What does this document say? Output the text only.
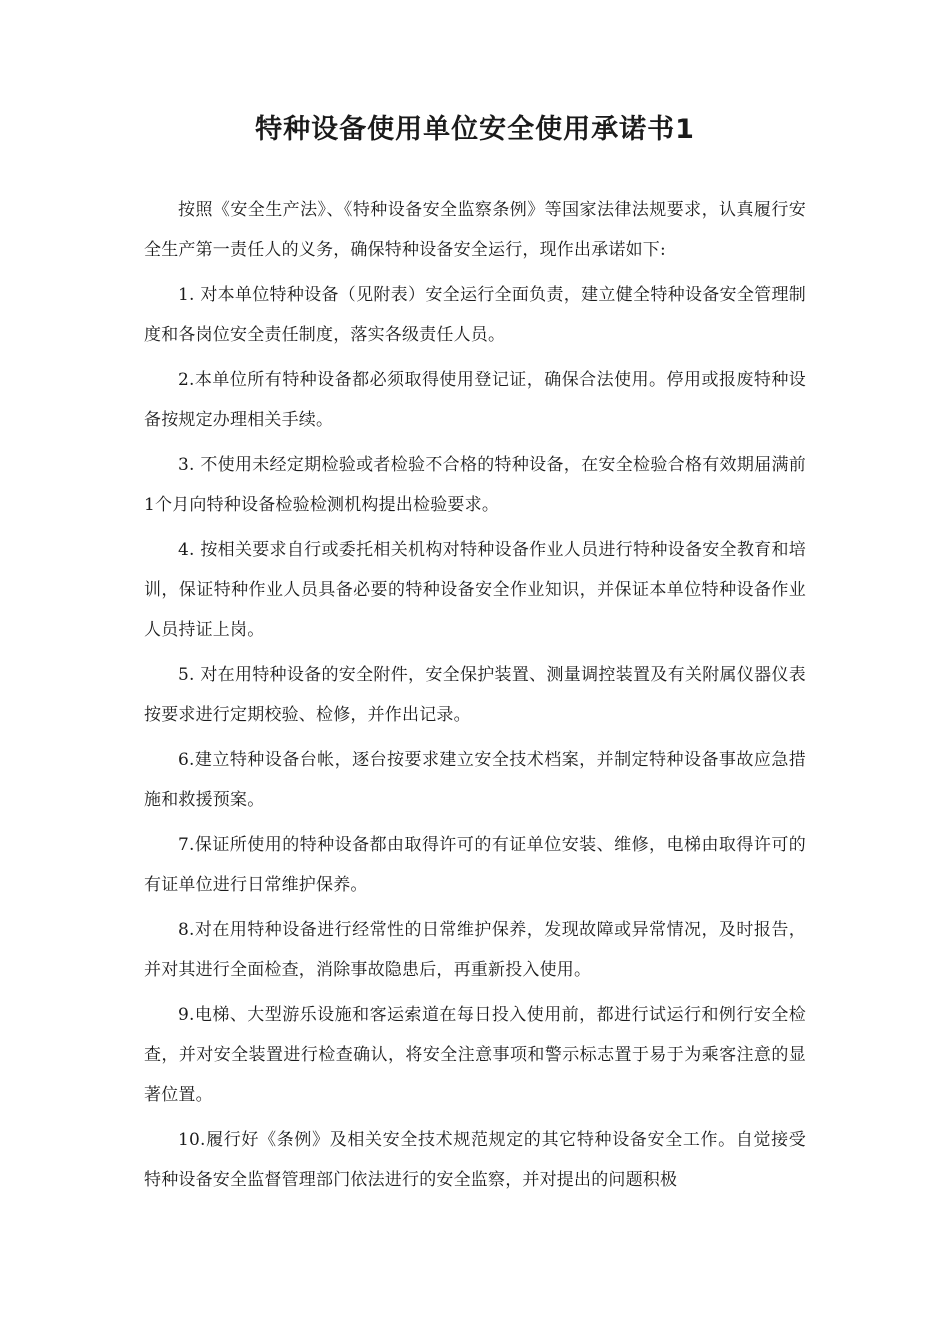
特种设备使用单位安全使用承诺书1

按照《安全生产法》、《特种设备安全监察条例》等国家法律法规要求，认真履行安全生产第一责任人的义务，确保特种设备安全运行，现作出承诺如下:

1. 对本单位特种设备（见附表）安全运行全面负责，建立健全特种设备安全管理制度和各岗位安全责任制度，落实各级责任人员。

2.本单位所有特种设备都必须取得使用登记证，确保合法使用。停用或报废特种设备按规定办理相关手续。

3. 不使用未经定期检验或者检验不合格的特种设备，在安全检验合格有效期届满前1个月向特种设备检验检测机构提出检验要求。

4. 按相关要求自行或委托相关机构对特种设备作业人员进行特种设备安全教育和培训，保证特种作业人员具备必要的特种设备安全作业知识，并保证本单位特种设备作业人员持证上岗。

5. 对在用特种设备的安全附件，安全保护装置、测量调控装置及有关附属仪器仪表按要求进行定期校验、检修，并作出记录。

6.建立特种设备台帐，逐台按要求建立安全技术档案，并制定特种设备事故应急措施和救援预案。

7.保证所使用的特种设备都由取得许可的有证单位安装、维修，电梯由取得许可的有证单位进行日常维护保养。

8.对在用特种设备进行经常性的日常维护保养，发现故障或异常情况，及时报告，并对其进行全面检查，消除事故隐患后，再重新投入使用。

9.电梯、大型游乐设施和客运索道在每日投入使用前，都进行试运行和例行安全检查，并对安全装置进行检查确认，将安全注意事项和警示标志置于易于为乘客注意的显著位置。

10.履行好《条例》及相关安全技术规范规定的其它特种设备安全工作。自觉接受特种设备安全监督管理部门依法进行的安全监察，并对提出的问题积极
